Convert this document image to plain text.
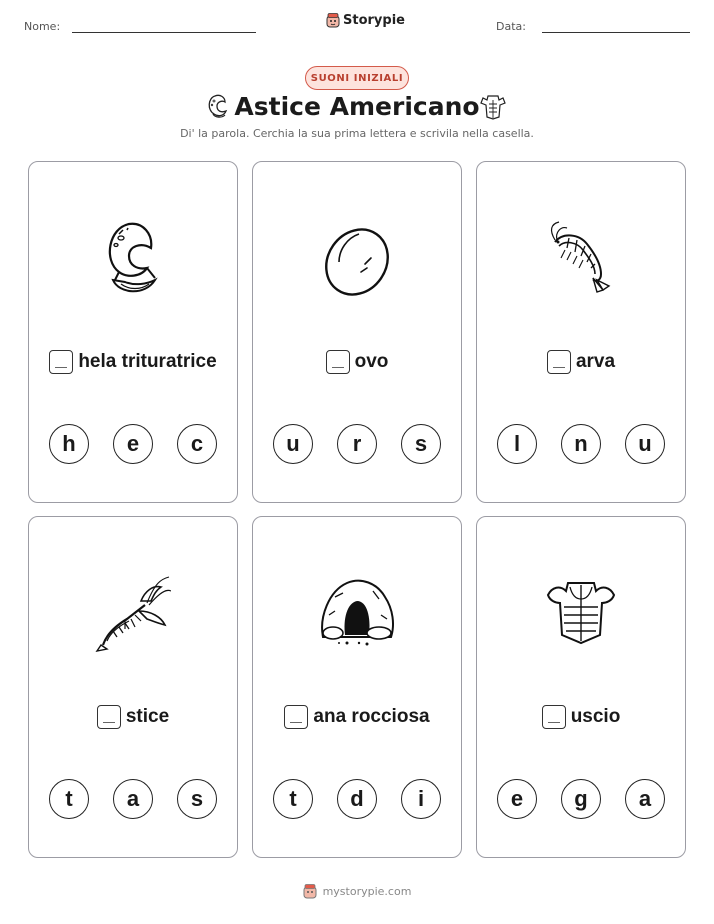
Nome:	Storypie	Data:
SUONI INIZIALI
Astice Americano
Di' la parola. Cerchia la sua prima lettera e scrivila nella casella.
hela trituratrice
h	e	c
ovo
u	r	s
arva
l	n	u
stice
t	a	s
ana rocciosa
t	d	i
uscio
e	g	a
mystorypie.com
